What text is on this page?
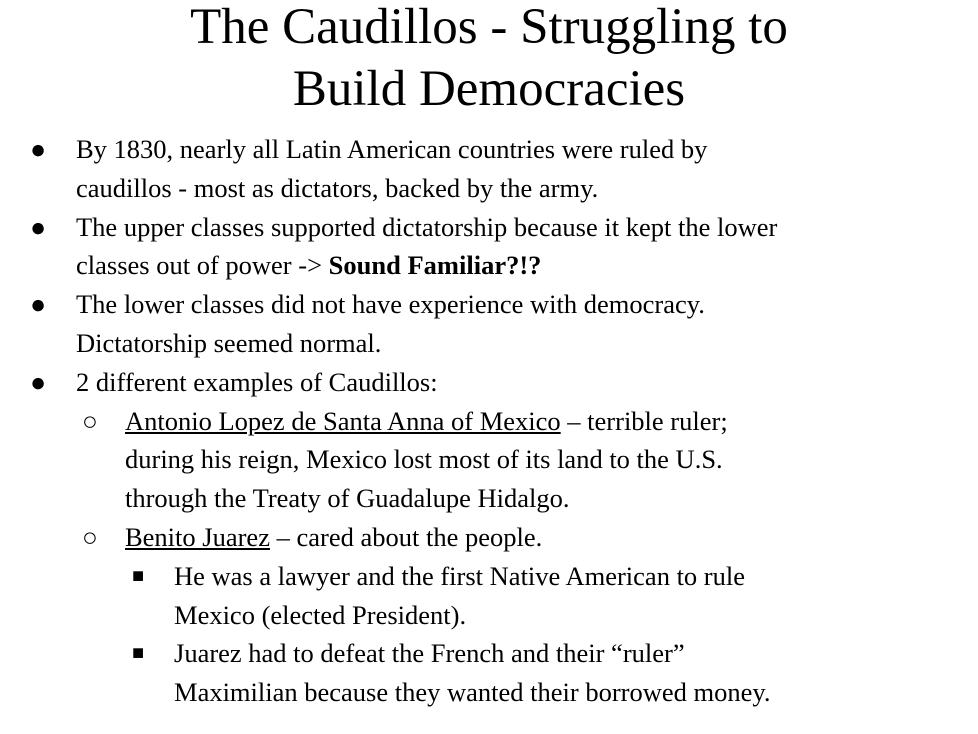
The Caudillos - Struggling to
Build Democracies
● By 1830, nearly all Latin American countries were ruled by
caudillos - most as dictators, backed by the army.
● The upper classes supported dictatorship because it kept the lower
classes out of power -> Sound Familiar?!?
● The lower classes did not have experience with democracy.
Dictatorship seemed normal.
● 2 different examples of Caudillos:
○ Antonio Lopez de Santa Anna of Mexico – terrible ruler;
during his reign, Mexico lost most of its land to the U.S.
through the Treaty of Guadalupe Hidalgo.
○ Benito Juarez – cared about the people.
■ He was a lawyer and the first Native American to rule
Mexico (elected President).
■ Juarez had to defeat the French and their “ruler”
Maximilian because they wanted their borrowed money.
